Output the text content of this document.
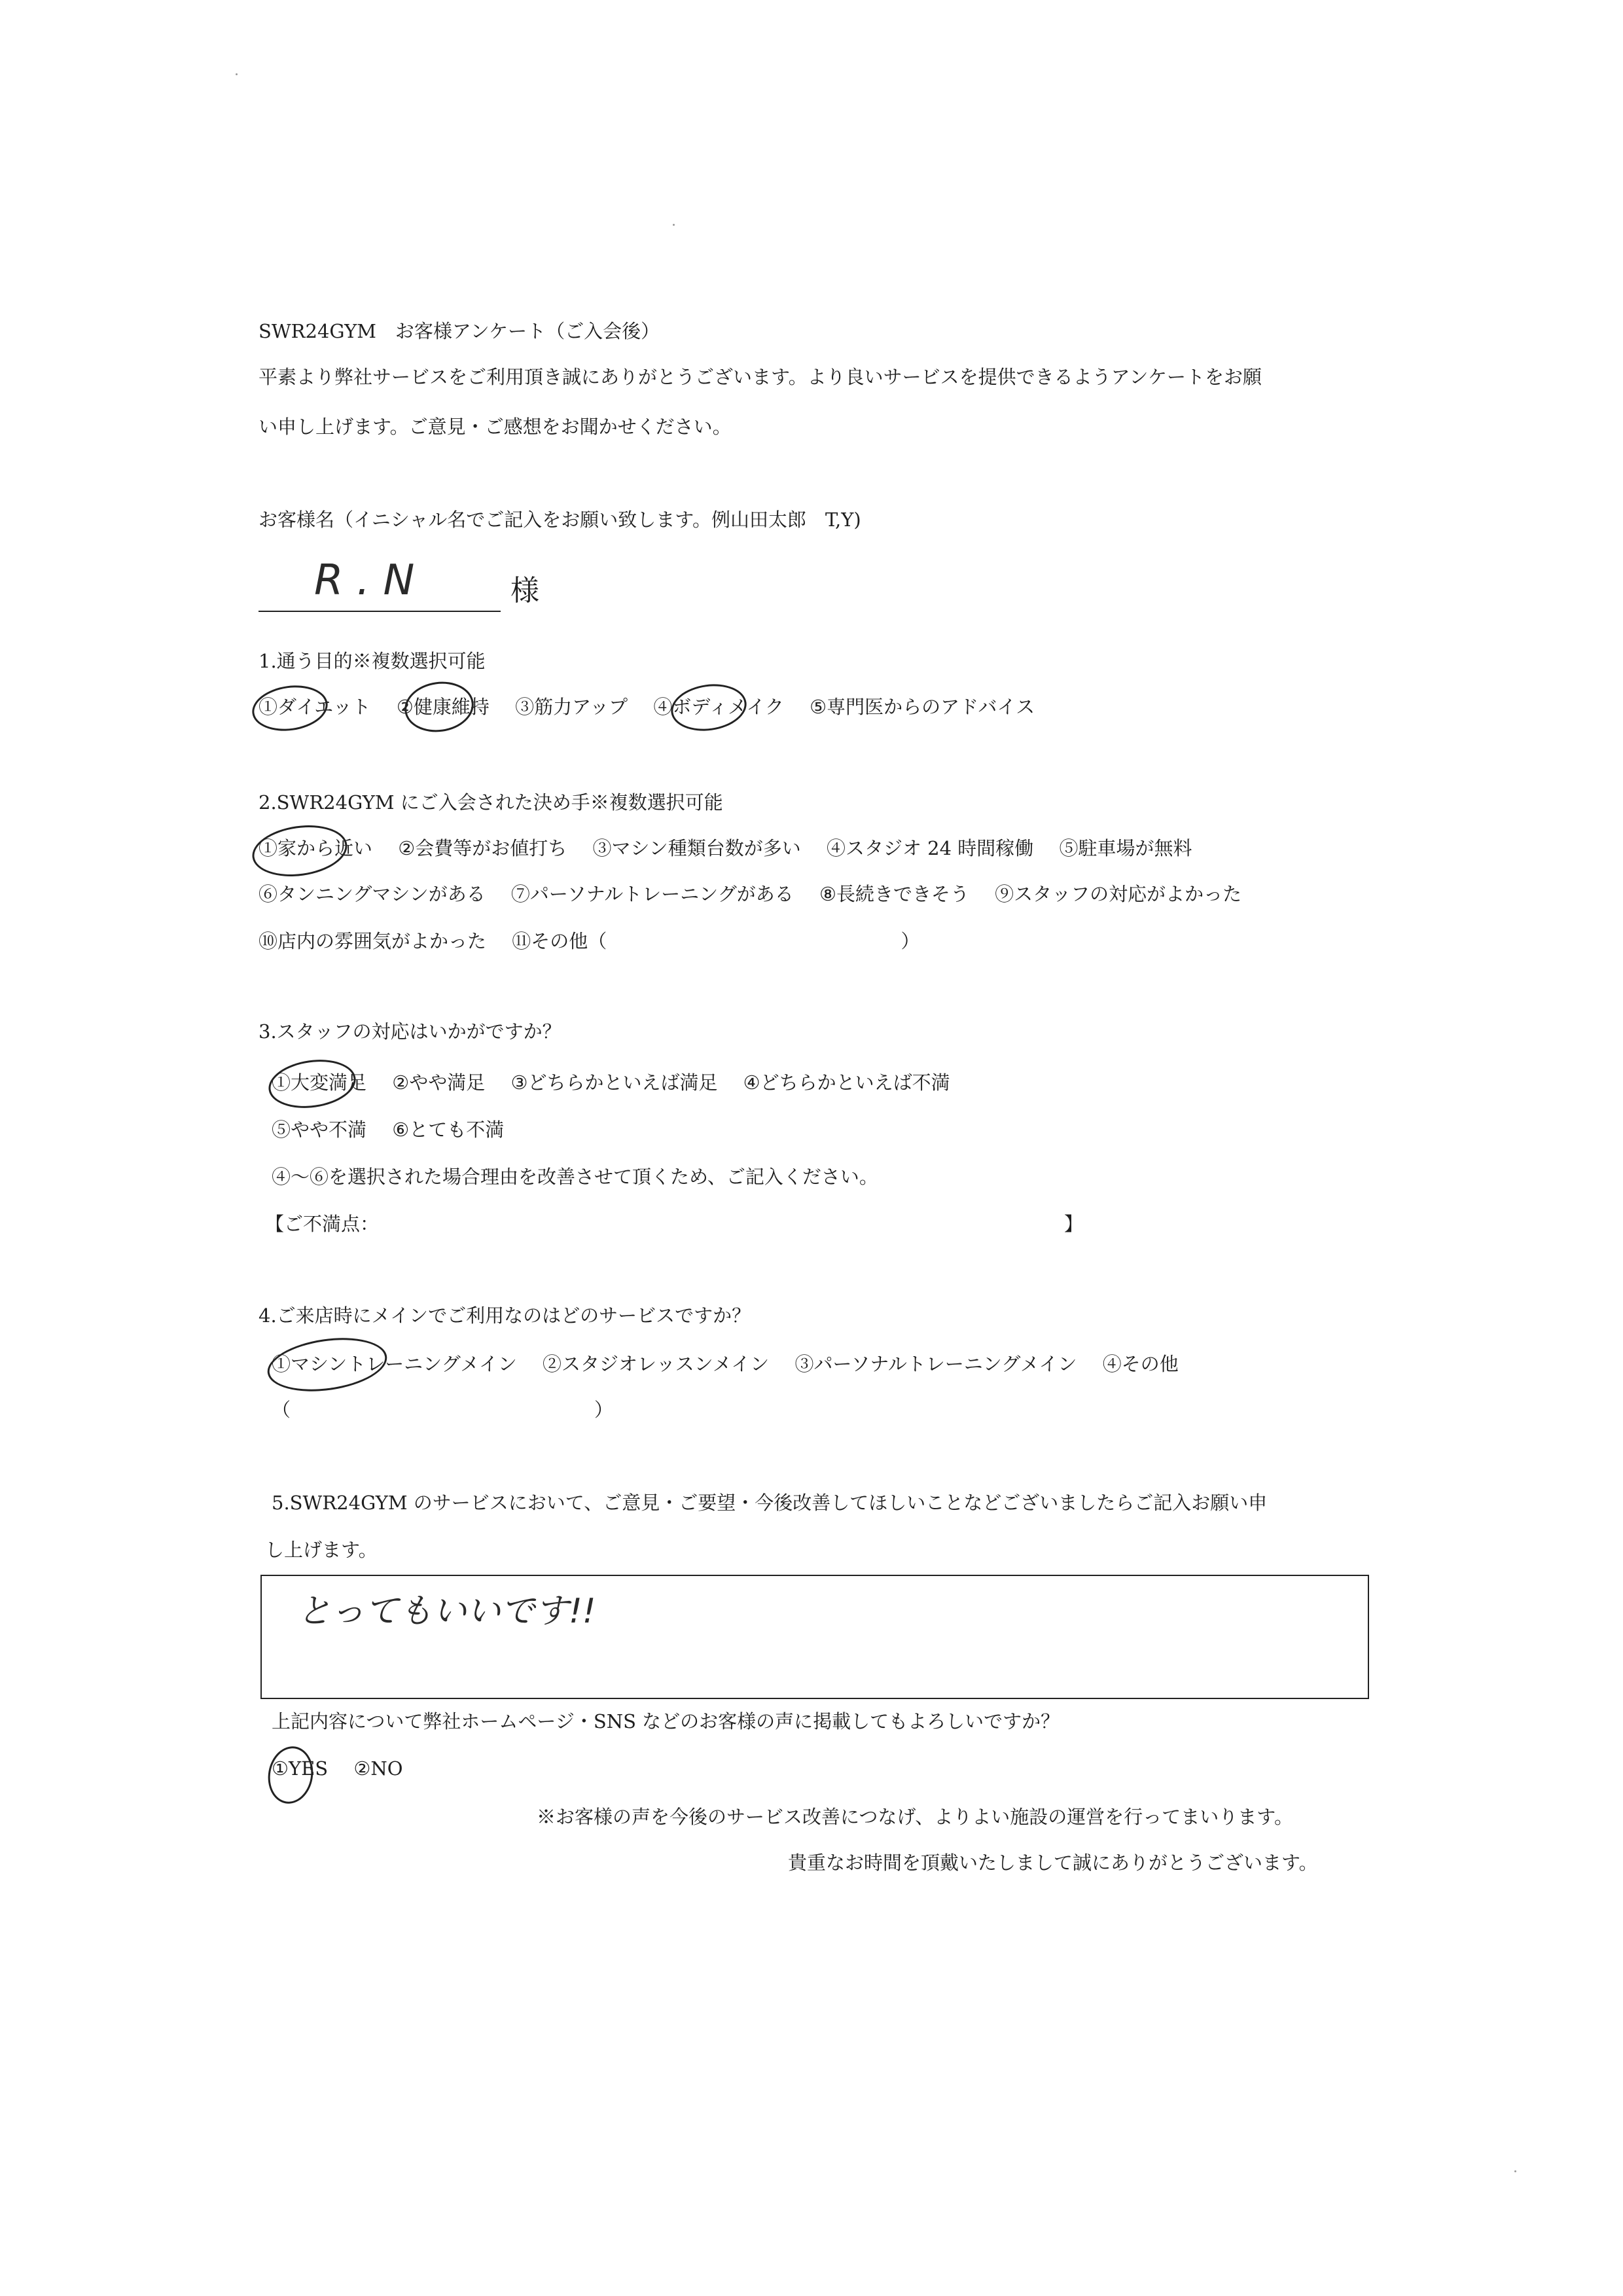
SWR24GYM　お客様アンケート（ご入会後）
平素より弊社サービスをご利用頂き誠にありがとうございます。より良いサービスを提供できるようアンケートをお願
い申し上げます。ご意見・ご感想をお聞かせください。
お客様名（イニシャル名でご記入をお願い致します。例山田太郎　T,Y)
R . N	様
1.通う目的※複数選択可能
①ダイエット ②健康維持 ③筋力アップ ④ボディメイク ⑤専門医からのアドバイス
2.SWR24GYM にご入会された決め手※複数選択可能
①家から近い ②会費等がお値打ち ③マシン種類台数が多い ④スタジオ 24 時間稼働 ⑤駐車場が無料
⑥タンニングマシンがある ⑦パーソナルトレーニングがある ⑧長続きできそう ⑨スタッフの対応がよかった
⑩店内の雰囲気がよかった ⑪その他（	）
3.スタッフの対応はいかがですか？
①大変満足 ②やや満足 ③どちらかといえば満足 ④どちらかといえば不満
⑤やや不満 ⑥とても不満
④～⑥を選択された場合理由を改善させて頂くため、ご記入ください。
【ご不満点：	】
4.ご来店時にメインでご利用なのはどのサービスですか？
①マシントレーニングメイン ②スタジオレッスンメイン ③パーソナルトレーニングメイン ④その他
（	）
5.SWR24GYM のサービスにおいて、ご意見・ご要望・今後改善してほしいことなどございましたらご記入お願い申
し上げます。
とってもいいです!!
上記内容について弊社ホームページ・SNS などのお客様の声に掲載してもよろしいですか？
①YES ②NO
※お客様の声を今後のサービス改善につなげ、よりよい施設の運営を行ってまいります。
貴重なお時間を頂戴いたしまして誠にありがとうございます。
